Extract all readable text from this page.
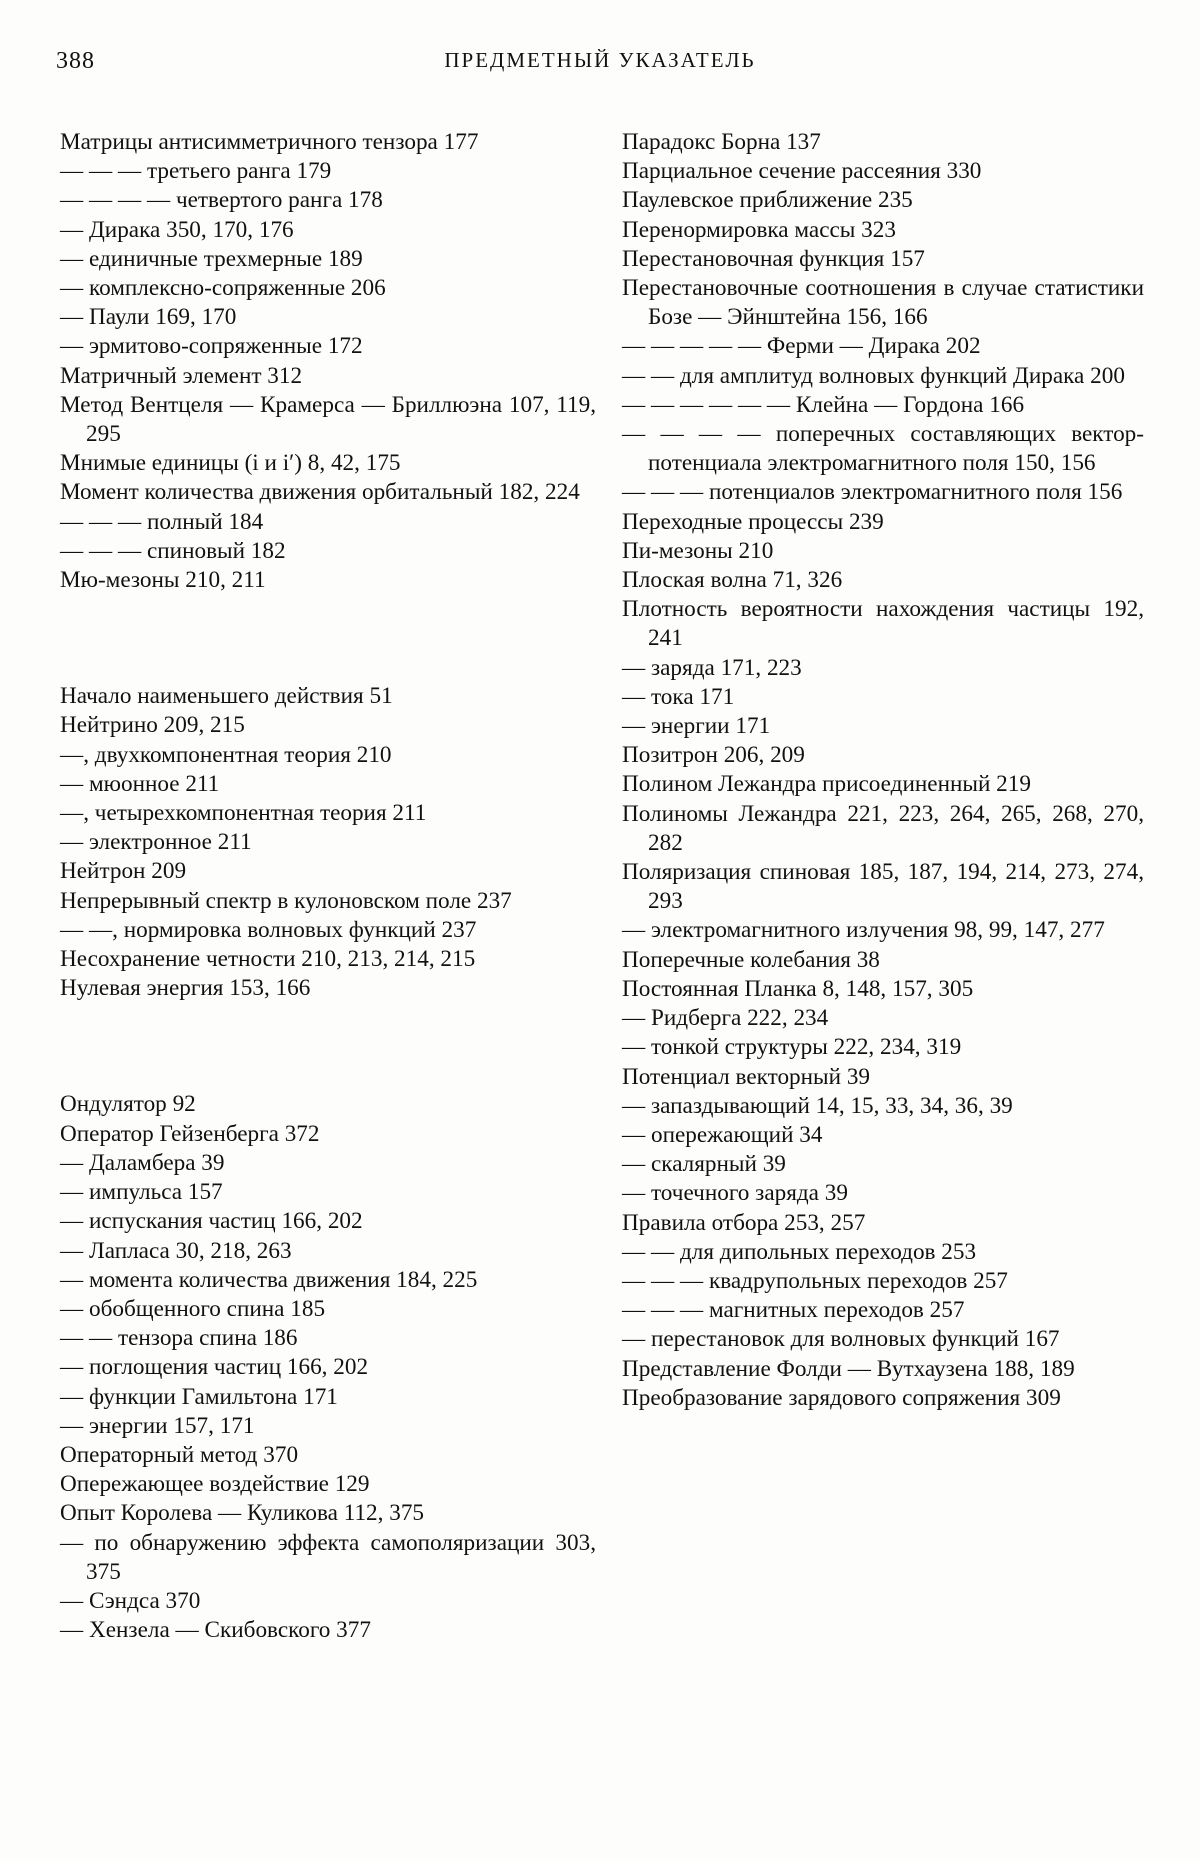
388	ПРЕДМЕТНЫЙ УКАЗАТЕЛЬ

Матрицы антисимметричного тензора 177

— — — третьего ранга 179

— — — — четвертого ранга 178

— Дирака 350, 170, 176

— единичные трехмерные 189

— комплексно-сопряженные 206

— Паули 169, 170

— эрмитово-сопряженные 172

Матричный элемент 312

Метод Вентцеля — Крамерса — Бриллюэна 107, 119, 295

Мнимые единицы (i и i′) 8, 42, 175

Момент количества движения орбитальный 182, 224

— — — полный 184

— — — спиновый 182

Мю-мезоны 210, 211

Начало наименьшего действия 51

Нейтрино 209, 215

—, двухкомпонентная теория 210

— мюонное 211

—, четырехкомпонентная теория 211

— электронное 211

Нейтрон 209

Непрерывный спектр в кулоновском поле 237

— —, нормировка волновых функций 237

Несохранение четности 210, 213, 214, 215

Нулевая энергия 153, 166

Ондулятор 92

Оператор Гейзенберга 372

— Даламбера 39

— импульса 157

— испускания частиц 166, 202

— Лапласа 30, 218, 263

— момента количества движения 184, 225

— обобщенного спина 185

— — тензора спина 186

— поглощения частиц 166, 202

— функции Гамильтона 171

— энергии 157, 171

Операторный метод 370

Опережающее воздействие 129

Опыт Королева — Куликова 112, 375

— по обнаружению эффекта самополяризации 303, 375

— Сэндса 370

— Хензела — Скибовского 377

Парадокс Борна 137

Парциальное сечение рассеяния 330

Паулевское приближение 235

Перенормировка массы 323

Перестановочная функция 157

Перестановочные соотношения в случае статистики Бозе — Эйнштейна 156, 166

— — — — — Ферми — Дирака 202

— — для амплитуд волновых функций Дирака 200

— — — — — — Клейна — Гордона 166

— — — — поперечных составляющих вектор-потенциала электромагнитного поля 150, 156

— — — потенциалов электромагнитного поля 156

Переходные процессы 239

Пи-мезоны 210

Плоская волна 71, 326

Плотность вероятности нахождения частицы 192, 241

— заряда 171, 223

— тока 171

— энергии 171

Позитрон 206, 209

Полином Лежандра присоединенный 219

Полиномы Лежандра 221, 223, 264, 265, 268, 270, 282

Поляризация спиновая 185, 187, 194, 214, 273, 274, 293

— электромагнитного излучения 98, 99, 147, 277

Поперечные колебания 38

Постоянная Планка 8, 148, 157, 305

— Ридберга 222, 234

— тонкой структуры 222, 234, 319

Потенциал векторный 39

— запаздывающий 14, 15, 33, 34, 36, 39

— опережающий 34

— скалярный 39

— точечного заряда 39

Правила отбора 253, 257

— — для дипольных переходов 253

— — — квадрупольных переходов 257

— — — магнитных переходов 257

— перестановок для волновых функций 167

Представление Фолди — Вутхаузена 188, 189

Преобразование зарядового сопряжения 309
